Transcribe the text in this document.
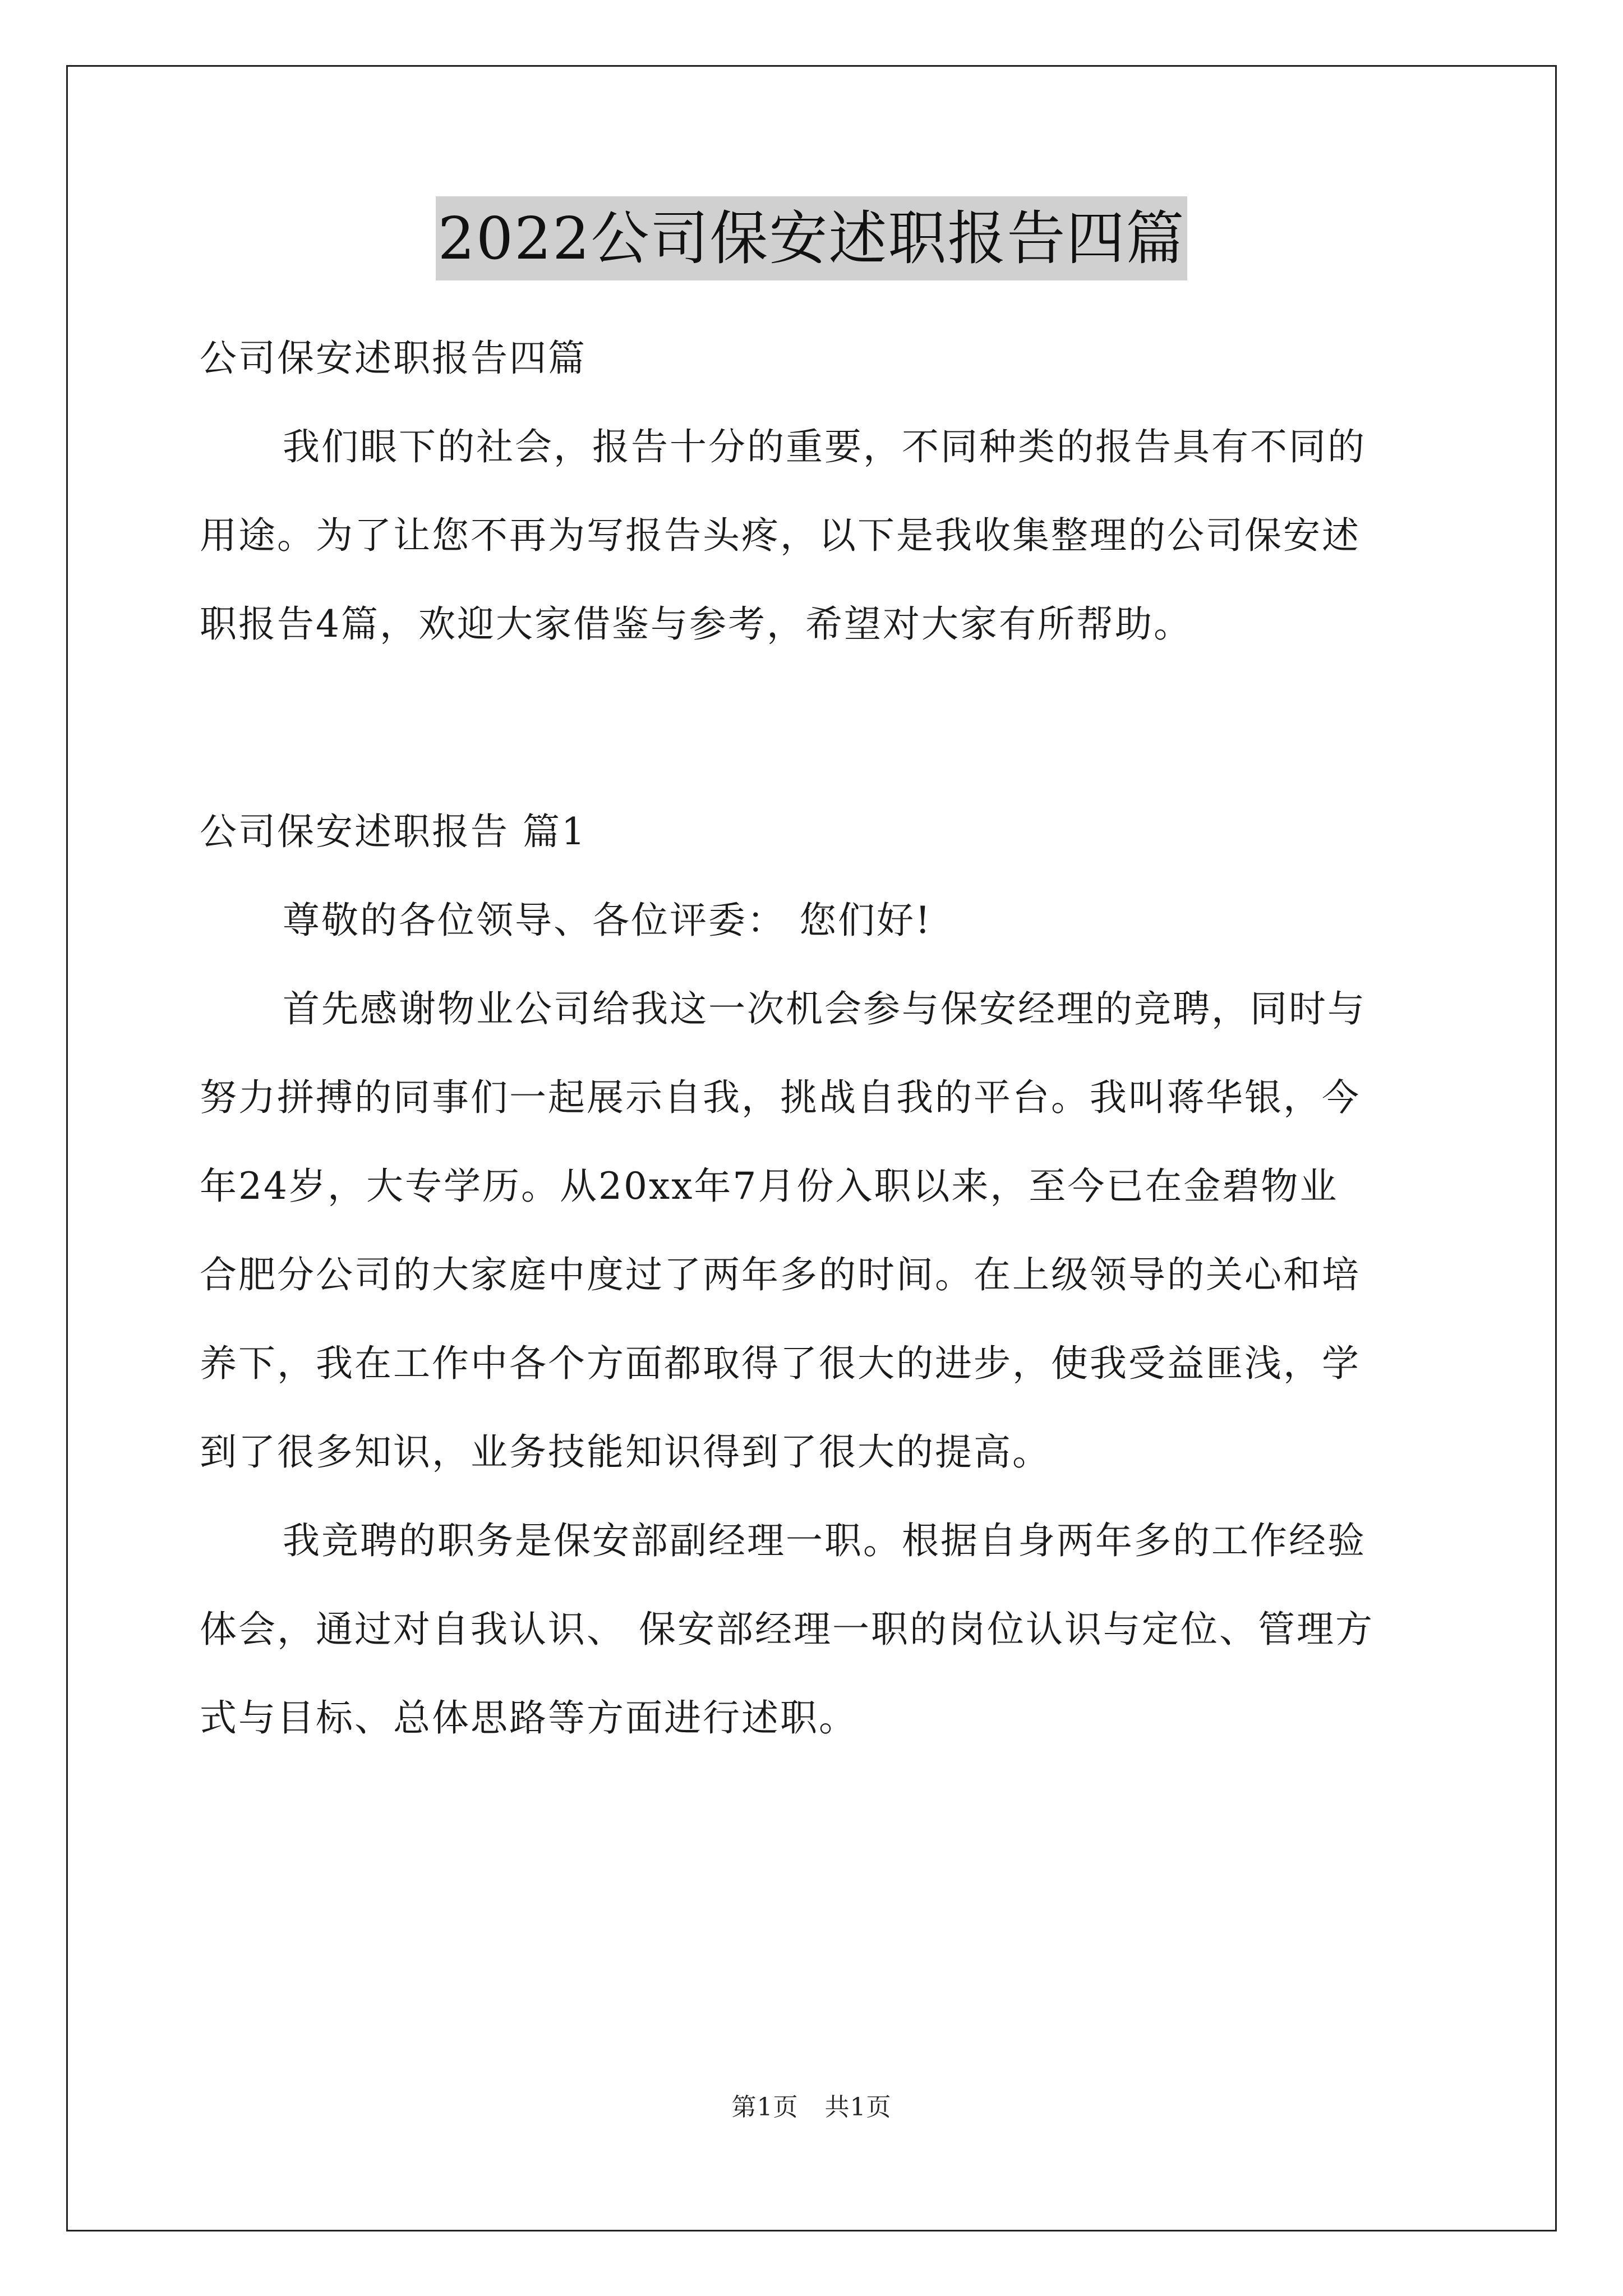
2022公司保安述职报告四篇
公司保安述职报告四篇
我们眼下的社会，报告十分的重要，不同种类的报告具有不同的
用途。为了让您不再为写报告头疼，以下是我收集整理的公司保安述
职报告4篇，欢迎大家借鉴与参考，希望对大家有所帮助。
公司保安述职报告 篇1
尊敬的各位领导、各位评委： 您们好!
首先感谢物业公司给我这一次机会参与保安经理的竞聘，同时与
努力拼搏的同事们一起展示自我，挑战自我的平台。我叫蒋华银，今
年24岁，大专学历。从20xx年7月份入职以来，至今已在金碧物业
合肥分公司的大家庭中度过了两年多的时间。在上级领导的关心和培
养下，我在工作中各个方面都取得了很大的进步，使我受益匪浅，学
到了很多知识，业务技能知识得到了很大的提高。
我竞聘的职务是保安部副经理一职。根据自身两年多的工作经验
体会，通过对自我认识、 保安部经理一职的岗位认识与定位、管理方
式与目标、总体思路等方面进行述职。
第1页 共1页
